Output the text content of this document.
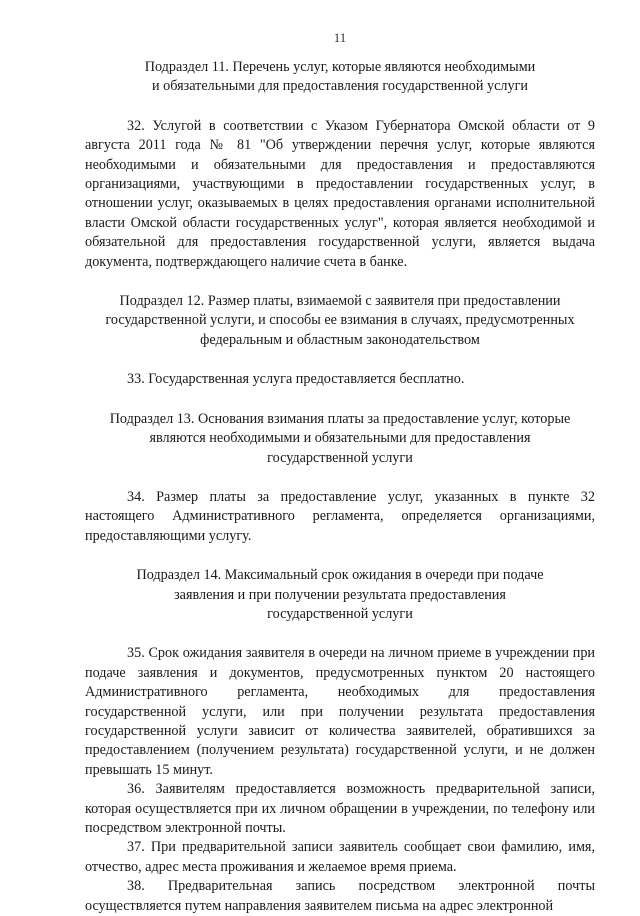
11
Подраздел 11. Перечень услуг, которые являются необходимыми
и обязательными для предоставления государственной услуги

32. Услугой в соответствии с Указом Губернатора Омской области от 9 августа 2011 года № 81 "Об утверждении перечня услуг, которые являются необходимыми и обязательными для предоставления и предоставляются организациями, участвующими в предоставлении государственных услуг, в отношении услуг, оказываемых в целях предоставления органами исполнительной власти Омской области государственных услуг", которая является необходимой и обязательной для предоставления государственной услуги, является выдача документа, подтверждающего наличие счета в банке.

Подраздел 12. Размер платы, взимаемой с заявителя при предоставлении
государственной услуги, и способы ее взимания в случаях, предусмотренных
федеральным и областным законодательством

33. Государственная услуга предоставляется бесплатно.

Подраздел 13. Основания взимания платы за предоставление услуг, которые
являются необходимыми и обязательными для предоставления
государственной услуги

34. Размер платы за предоставление услуг, указанных в пункте 32 настоящего Административного регламента, определяется организациями, предоставляющими услугу.

Подраздел 14. Максимальный срок ожидания в очереди при подаче
заявления и при получении результата предоставления
государственной услуги

35. Срок ожидания заявителя в очереди на личном приеме в учреждении при подаче заявления и документов, предусмотренных пунктом 20 настоящего Административного регламента, необходимых для предоставления государственной услуги, или при получении результата предоставления государственной услуги зависит от количества заявителей, обратившихся за предоставлением (получением результата) государственной услуги, и не должен превышать 15 минут.

36. Заявителям предоставляется возможность предварительной записи, которая осуществляется при их личном обращении в учреждении, по телефону или посредством электронной почты.

37. При предварительной записи заявитель сообщает свои фамилию, имя, отчество, адрес места проживания и желаемое время приема.

38. Предварительная запись посредством электронной почты осуществляется путем направления заявителем письма на адрес электронной
